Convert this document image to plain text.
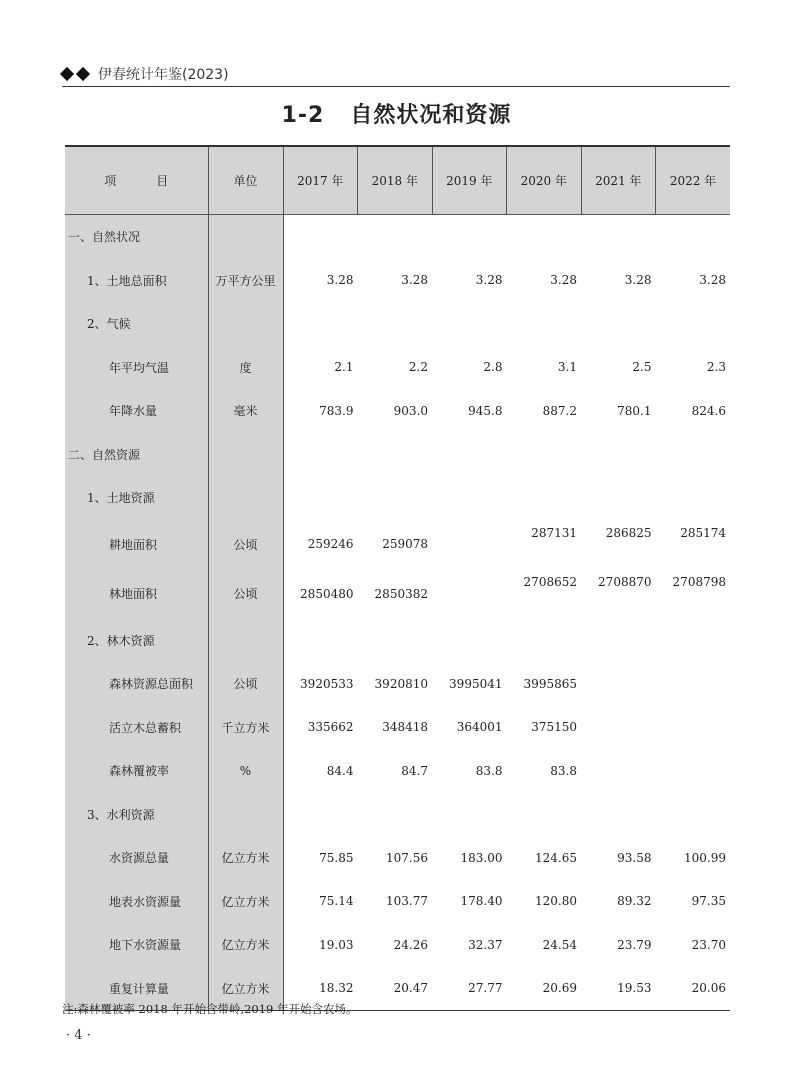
伊春统计年鉴(2023)
1-2 自然状况和资源
项 目	单位	2017 年	2018 年	2019 年	2020 年	2021 年	2022 年
一、自然状况							
1、土地总面积	万平方公里	3.28	3.28	3.28	3.28	3.28	3.28
2、气候							
年平均气温	度	2.1	2.2	2.8	3.1	2.5	2.3
年降水量	毫米	783.9	903.0	945.8	887.2	780.1	824.6
二、自然资源							
1、土地资源							
耕地面积	公顷	259246	259078		287131	286825	285174
林地面积	公顷	2850480	2850382		2708652	2708870	2708798
2、林木资源							
森林资源总面积	公顷	3920533	3920810	3995041	3995865		
活立木总蓄积	千立方米	335662	348418	364001	375150		
森林覆被率	%	84.4	84.7	83.8	83.8		
3、水利资源							
水资源总量	亿立方米	75.85	107.56	183.00	124.65	93.58	100.99
地表水资源量	亿立方米	75.14	103.77	178.40	120.80	89.32	97.35
地下水资源量	亿立方米	19.03	24.26	32.37	24.54	23.79	23.70
重复计算量	亿立方米	18.32	20.47	27.77	20.69	19.53	20.06
注:森林覆被率 2018 年开始含带岭,2019 年开始含农场。
· 4 ·
